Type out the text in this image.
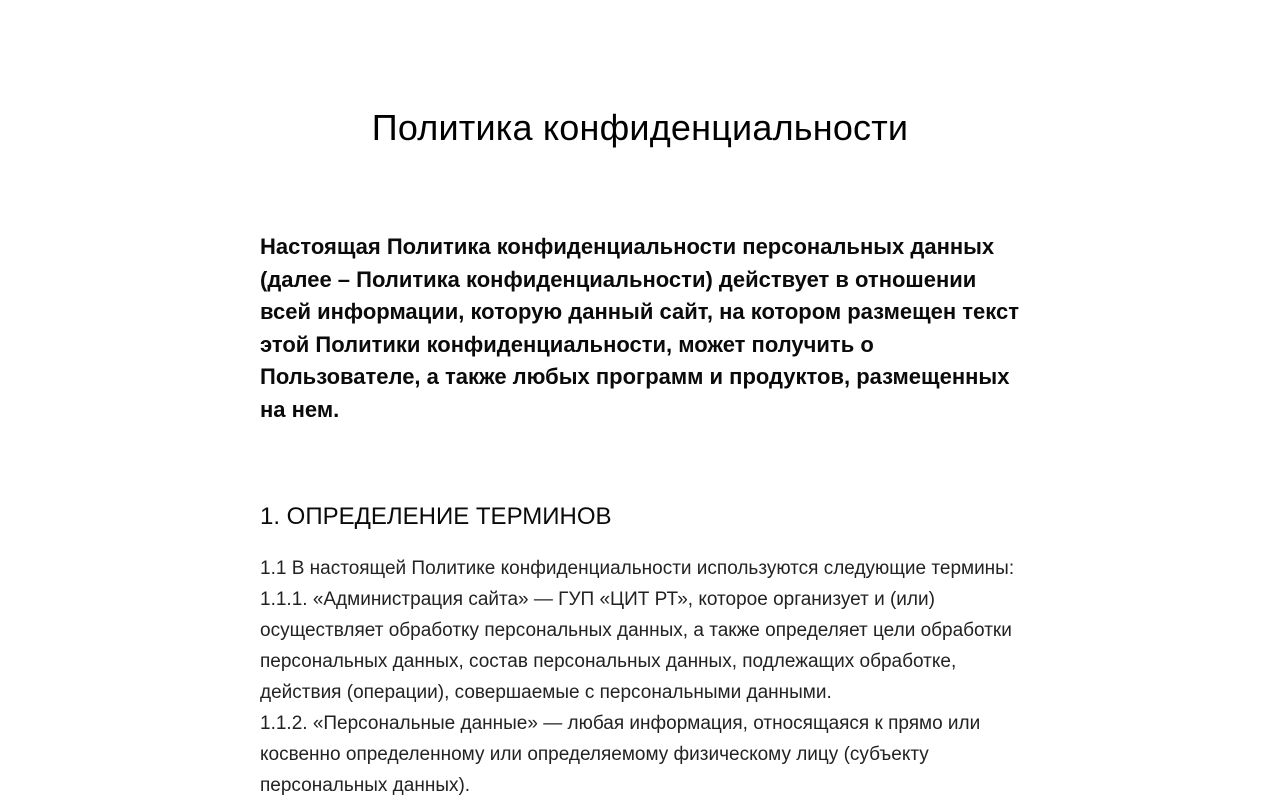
Политика конфиденциальности

Настоящая Политика конфиденциальности персональных данных (далее – Политика конфиденциальности) действует в отношении всей информации, которую данный сайт, на котором размещен текст этой Политики конфиденциальности, может получить о Пользователе, а также любых программ и продуктов, размещенных на нем.

1. ОПРЕДЕЛЕНИЕ ТЕРМИНОВ

1.1 В настоящей Политике конфиденциальности используются следующие термины:

1.1.1. «Администрация сайта» — ГУП «ЦИТ РТ», которое организует и (или) осуществляет обработку персональных данных, а также определяет цели обработки персональных данных, состав персональных данных, подлежащих обработке, действия (операции), совершаемые с персональными данными.

1.1.2. «Персональные данные» — любая информация, относящаяся к прямо или косвенно определенному или определяемому физическому лицу (субъекту персональных данных).
